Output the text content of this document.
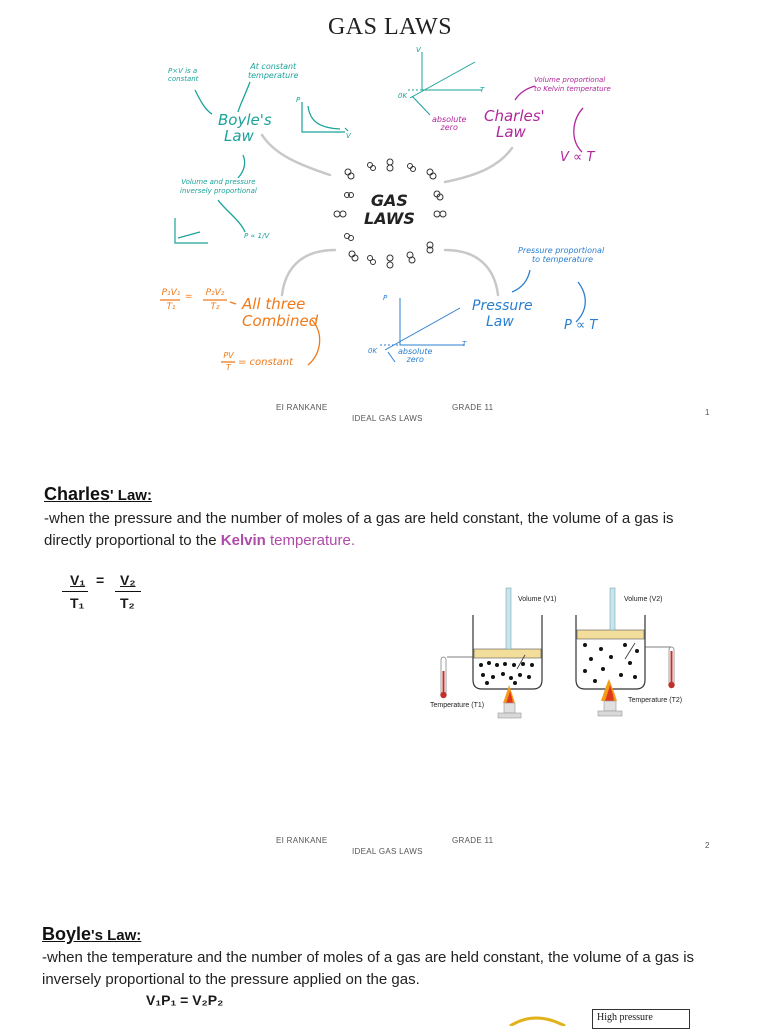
GAS LAWS
GAS
LAWS
Boyle's
Law
P×V is a
constant
At constant
temperature
Volume and pressure
inversely proportional
P ∝ 1/V
P
V
Charles'
Law
Volume proportional
to Kelvin temperature
V ∝ T
V
T
0K
absolute
zero
Pressure
Law
Pressure proportional
to temperature
P ∝ T
P
T
0K	absolute
zero
All three
Combined
P₁V₁
T₁
=	P₂V₂
T₂
PV
T = constant
EI RANKANE	GRADE 11
IDEAL GAS LAWS
1
Charles' Law:
-when the pressure and the number of moles of a gas are held constant, the volume of a gas is
directly proportional to the Kelvin temperature.
V₁ = V₂
T₁	T₂	Volume (V1)	Volume (V2)
Temperature (T1)
Temperature (T2)
EI RANKANE	GRADE 11
IDEAL GAS LAWS
2
Boyle's Law:
-when the temperature and the number of moles of a gas are held constant, the volume of a gas is
inversely proportional to the pressure applied on the gas.
V₁P₁ = V₂P₂
High pressure
